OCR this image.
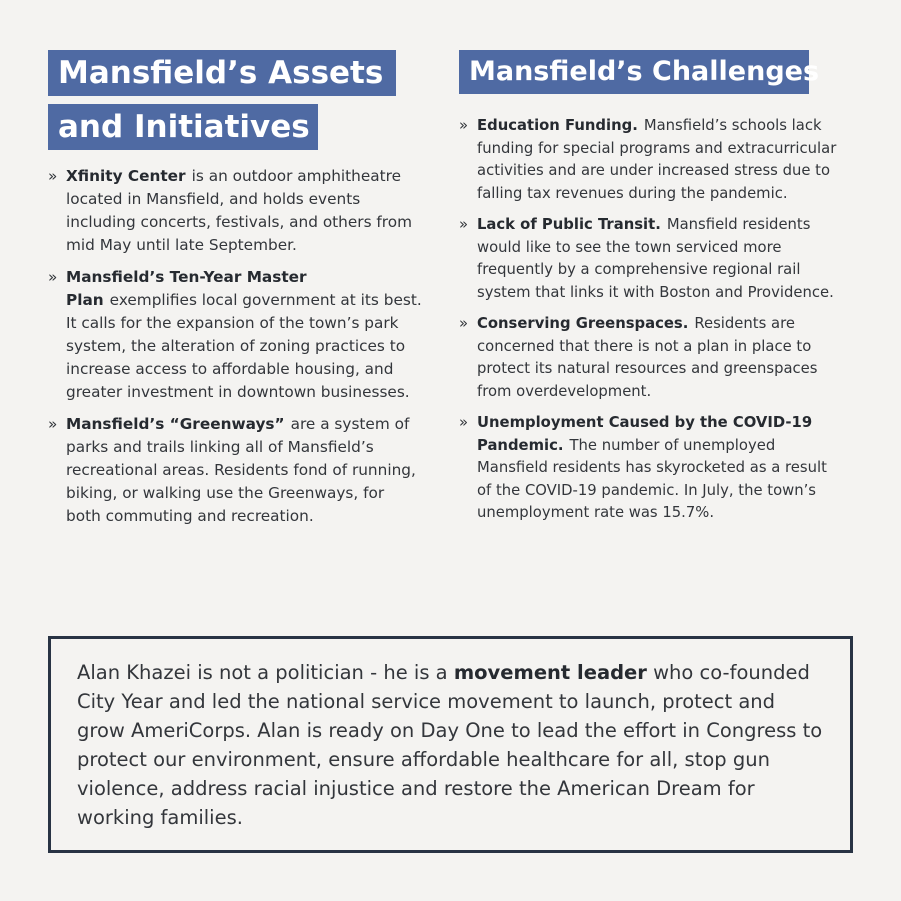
Mansfield’s Assets
and Initiatives
Mansfield’s Challenges
» Xfinity Center is an outdoor amphitheatre located in Mansfield, and holds events including concerts, festivals, and others from mid May until late September.
» Mansfield’s Ten-Year Master Plan exemplifies local government at its best. It calls for the expansion of the town’s park system, the alteration of zoning practices to increase access to affordable housing, and greater investment in downtown businesses.
» Mansfield’s “Greenways” are a system of parks and trails linking all of Mansfield’s recreational areas. Residents fond of running, biking, or walking use the Greenways, for both commuting and recreation.
» Education Funding. Mansfield’s schools lack funding for special programs and extracurricular activities and are under increased stress due to falling tax revenues during the pandemic.
» Lack of Public Transit. Mansfield residents would like to see the town serviced more frequently by a comprehensive regional rail system that links it with Boston and Providence.
» Conserving Greenspaces. Residents are concerned that there is not a plan in place to protect its natural resources and greenspaces from overdevelopment.
» Unemployment Caused by the COVID-19 Pandemic. The number of unemployed Mansfield residents has skyrocketed as a result of the COVID-19 pandemic. In July, the town’s unemployment rate was 15.7%.

Alan Khazei is not a politician - he is a movement leader who co-founded City Year and led the national service movement to launch, protect and grow AmeriCorps. Alan is ready on Day One to lead the effort in Congress to protect our environment, ensure affordable healthcare for all, stop gun violence, address racial injustice and restore the American Dream for working families.
